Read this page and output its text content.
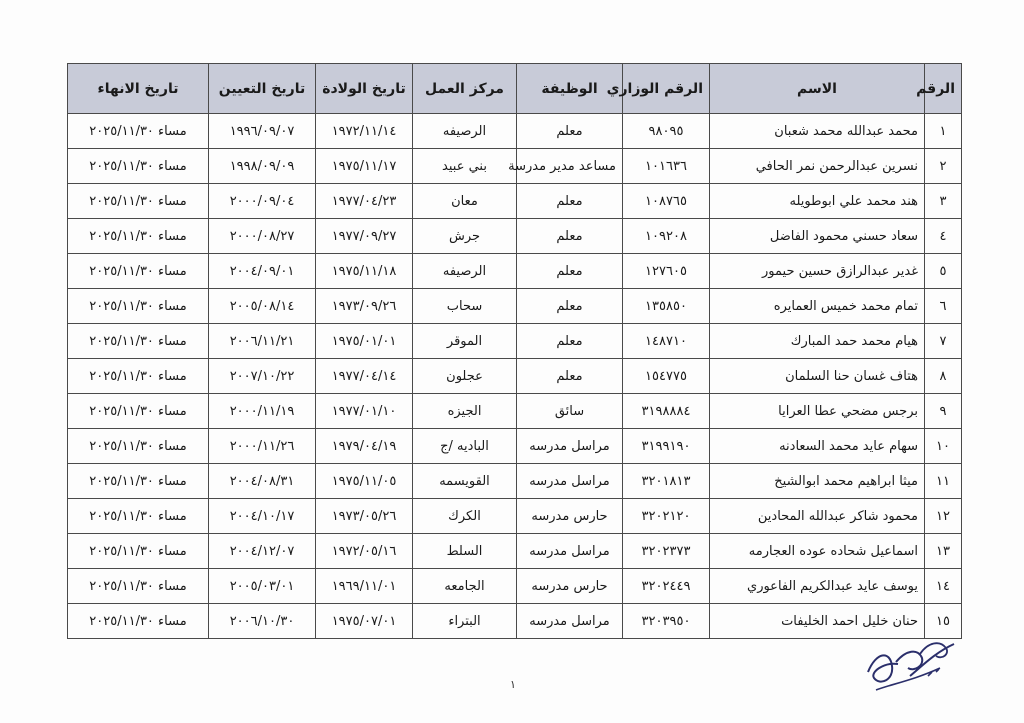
الرقم	الاسم	الرقم الوزاري	الوظيفة	مركز العمل	تاريخ الولادة	تاريخ التعيين	تاريخ الانهاء
١	محمد عبدالله محمد شعبان	٩٨٠٩٥	معلم	الرصيفه	١٩٧٢/١١/١٤	١٩٩٦/٠٩/٠٧	مساء ٢٠٢٥/١١/٣٠
٢	نسرين عبدالرحمن نمر الحافي	١٠١٦٣٦	مساعد مدير مدرسة	بني عبيد	١٩٧٥/١١/١٧	١٩٩٨/٠٩/٠٩	مساء ٢٠٢٥/١١/٣٠
٣	هند محمد علي ابوطويله	١٠٨٧٦٥	معلم	معان	١٩٧٧/٠٤/٢٣	٢٠٠٠/٠٩/٠٤	مساء ٢٠٢٥/١١/٣٠
٤	سعاد حسني محمود الفاضل	١٠٩٢٠٨	معلم	جرش	١٩٧٧/٠٩/٢٧	٢٠٠٠/٠٨/٢٧	مساء ٢٠٢٥/١١/٣٠
٥	غدير عبدالرازق حسين حيمور	١٢٧٦٠٥	معلم	الرصيفه	١٩٧٥/١١/١٨	٢٠٠٤/٠٩/٠١	مساء ٢٠٢٥/١١/٣٠
٦	تمام محمد خميس العمايره	١٣٥٨٥٠	معلم	سحاب	١٩٧٣/٠٩/٢٦	٢٠٠٥/٠٨/١٤	مساء ٢٠٢٥/١١/٣٠
٧	هيام محمد حمد المبارك	١٤٨٧١٠	معلم	الموقر	١٩٧٥/٠١/٠١	٢٠٠٦/١١/٢١	مساء ٢٠٢٥/١١/٣٠
٨	هتاف غسان حنا السلمان	١٥٤٧٧٥	معلم	عجلون	١٩٧٧/٠٤/١٤	٢٠٠٧/١٠/٢٢	مساء ٢٠٢٥/١١/٣٠
٩	برجس مضحي عطا العرايا	٣١٩٨٨٨٤	سائق	الجيزه	١٩٧٧/٠١/١٠	٢٠٠٠/١١/١٩	مساء ٢٠٢٥/١١/٣٠
١٠	سهام عايد محمد السعادنه	٣١٩٩١٩٠	مراسل مدرسه	الباديه /ج	١٩٧٩/٠٤/١٩	٢٠٠٠/١١/٢٦	مساء ٢٠٢٥/١١/٣٠
١١	ميثا ابراهيم محمد ابوالشيخ	٣٢٠١٨١٣	مراسل مدرسه	القويسمه	١٩٧٥/١١/٠٥	٢٠٠٤/٠٨/٣١	مساء ٢٠٢٥/١١/٣٠
١٢	محمود شاكر عبدالله المحادين	٣٢٠٢١٢٠	حارس مدرسه	الكرك	١٩٧٣/٠٥/٢٦	٢٠٠٤/١٠/١٧	مساء ٢٠٢٥/١١/٣٠
١٣	اسماعيل شحاده عوده العجارمه	٣٢٠٢٣٧٣	مراسل مدرسه	السلط	١٩٧٢/٠٥/١٦	٢٠٠٤/١٢/٠٧	مساء ٢٠٢٥/١١/٣٠
١٤	يوسف عايد عبدالكريم الفاعوري	٣٢٠٢٤٤٩	حارس مدرسه	الجامعه	١٩٦٩/١١/٠١	٢٠٠٥/٠٣/٠١	مساء ٢٠٢٥/١١/٣٠
١٥	حنان خليل احمد الخليفات	٣٢٠٣٩٥٠	مراسل مدرسه	البتراء	١٩٧٥/٠٧/٠١	٢٠٠٦/١٠/٣٠	مساء ٢٠٢٥/١١/٣٠
١
